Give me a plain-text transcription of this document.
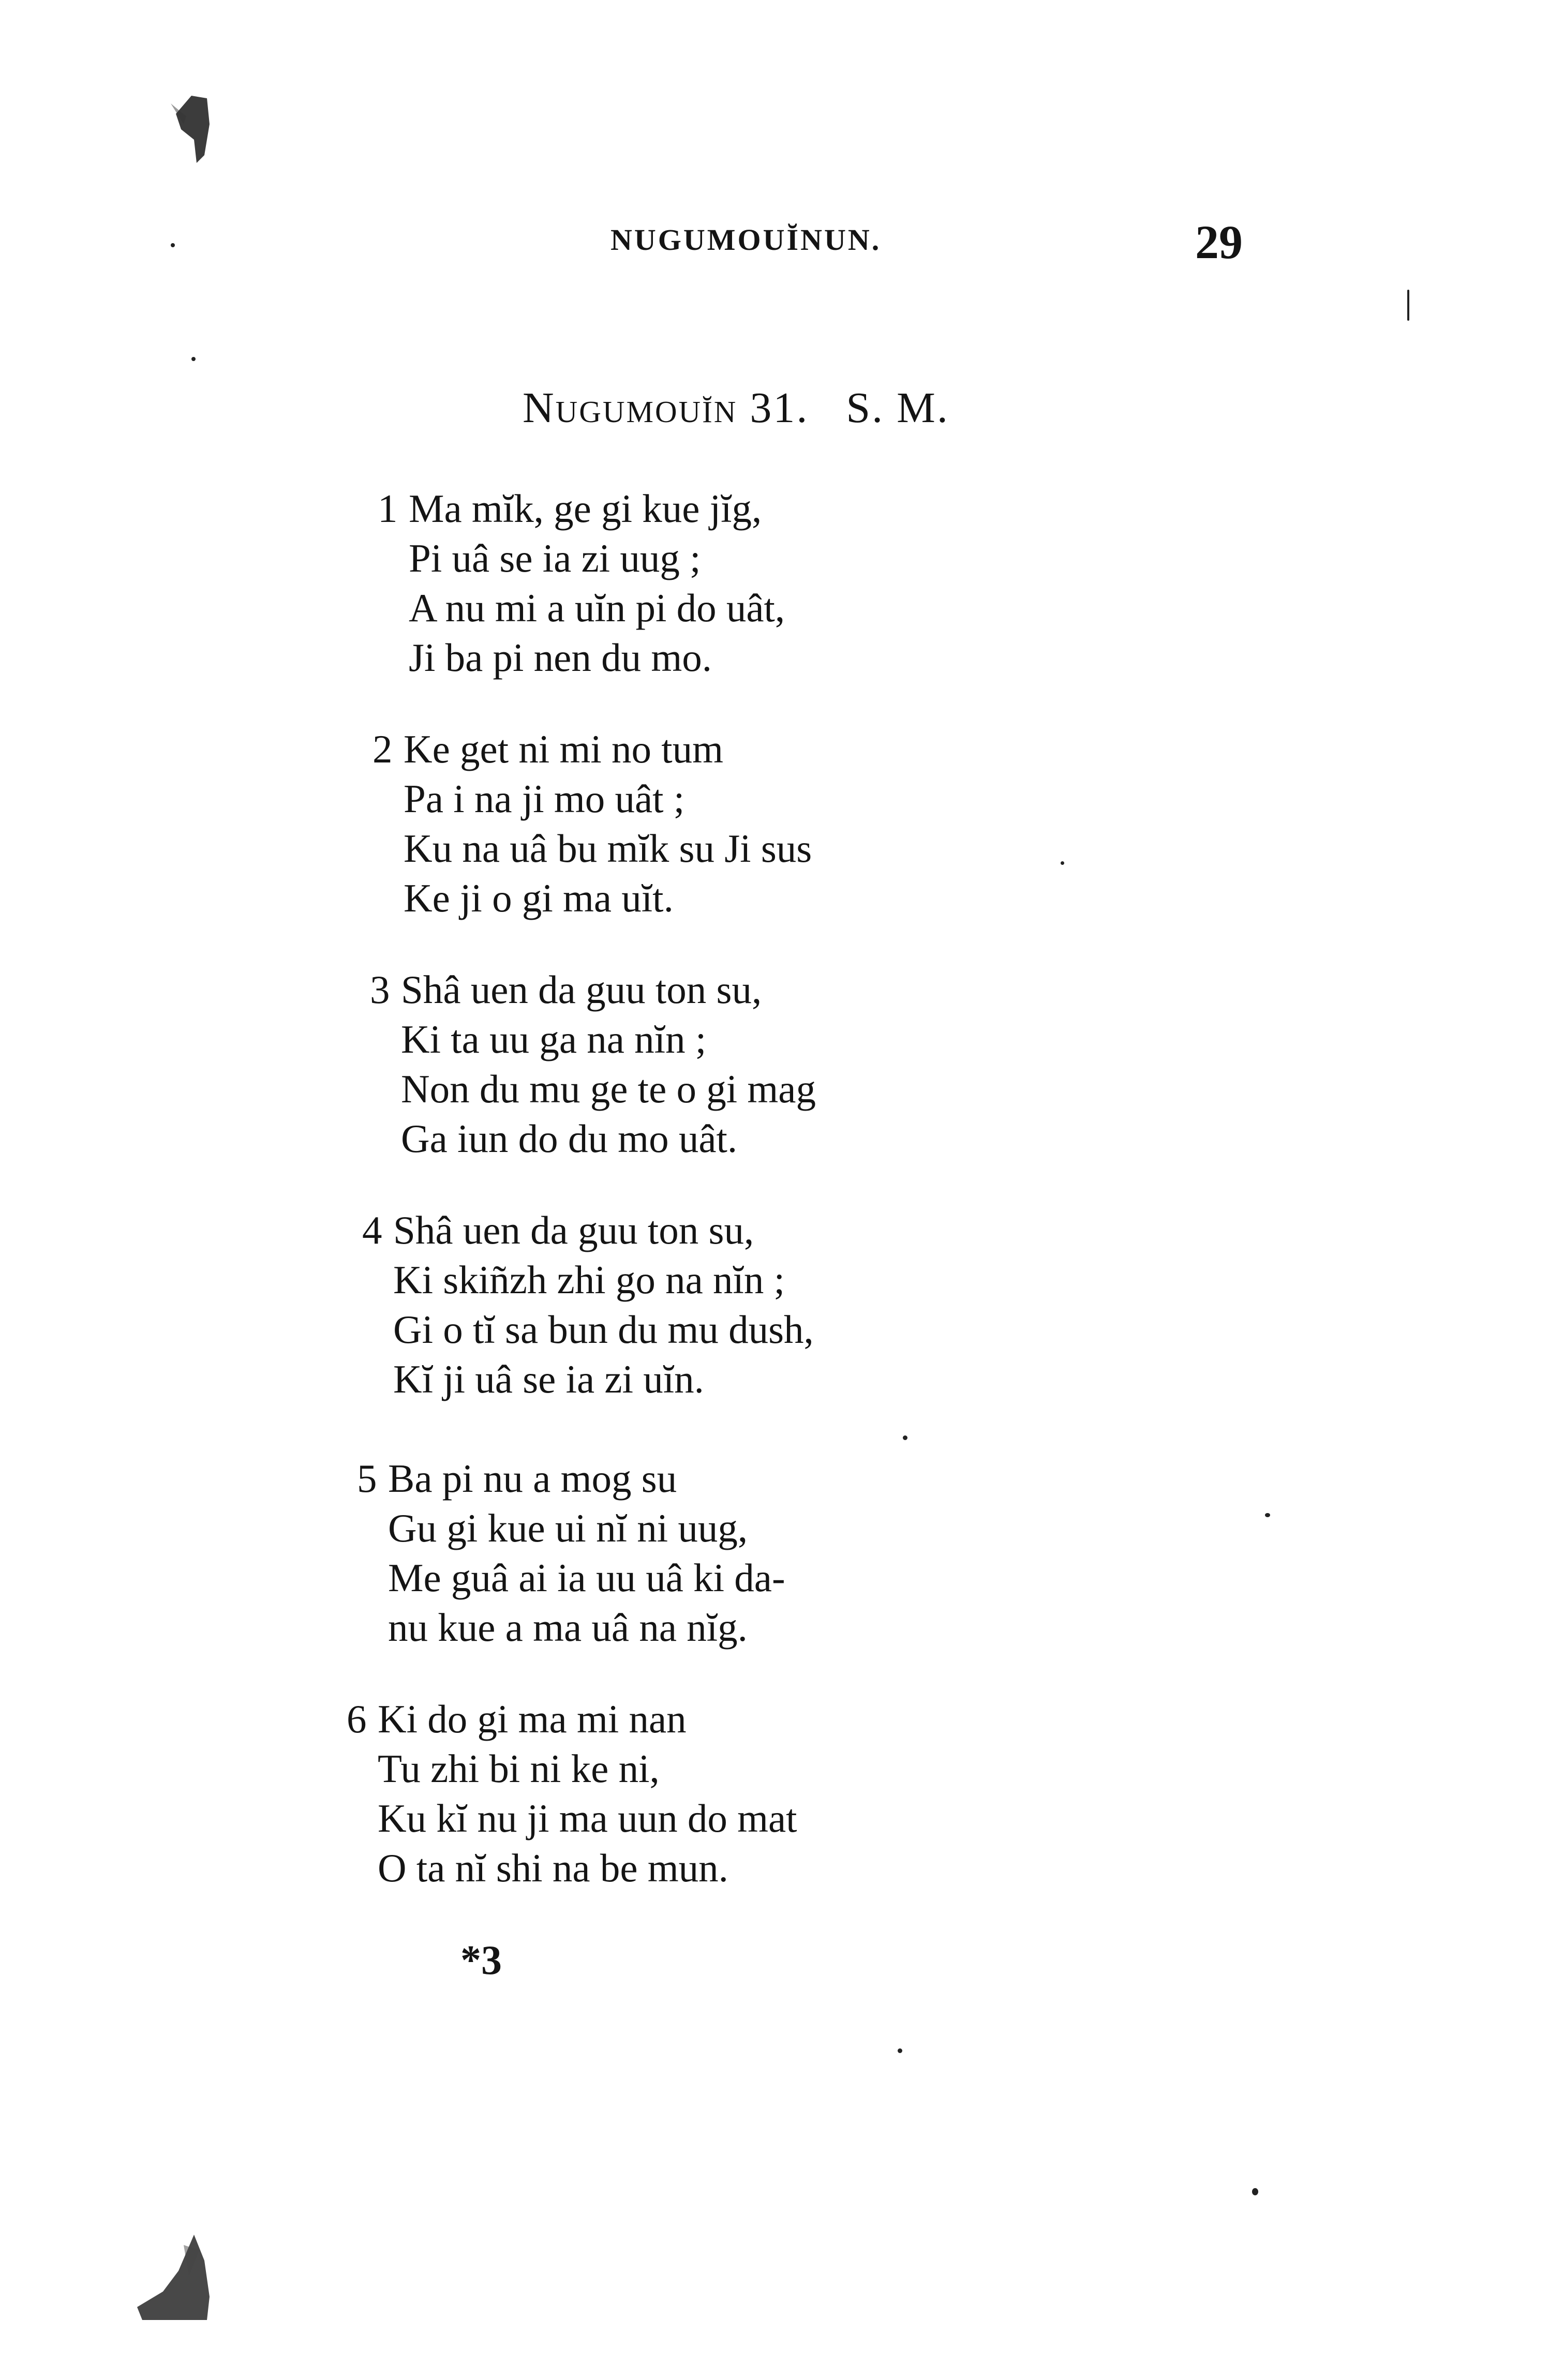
NUGUMOUĬNUN.	29
Nugumouĭn 31. S. M.
1 Ma mĭk, ge gi kue jĭg,
Pi uâ se ia zi uug ;
A nu mi a uĭn pi do uât,
Ji ba pi nen du mo.
2 Ke get ni mi no tum
Pa i na ji mo uât ;
Ku na uâ bu mĭk su Ji sus
Ke ji o gi ma uĭt.
3 Shâ uen da guu ton su,
Ki ta uu ga na nĭn ;
Non du mu ge te o gi mag
Ga iun do du mo uât.
4 Shâ uen da guu ton su,
Ki skiñzh zhi go na nĭn ;
Gi o tĭ sa bun du mu dush,
Kĭ ji uâ se ia zi uĭn.
5 Ba pi nu a mog su
Gu gi kue ui nĭ ni uug,
Me guâ ai ia uu uâ ki da-
nu kue a ma uâ na nĭg.
6 Ki do gi ma mi nan
Tu zhi bi ni ke ni,
Ku kĭ nu ji ma uun do mat
O ta nĭ shi na be mun.
*3
